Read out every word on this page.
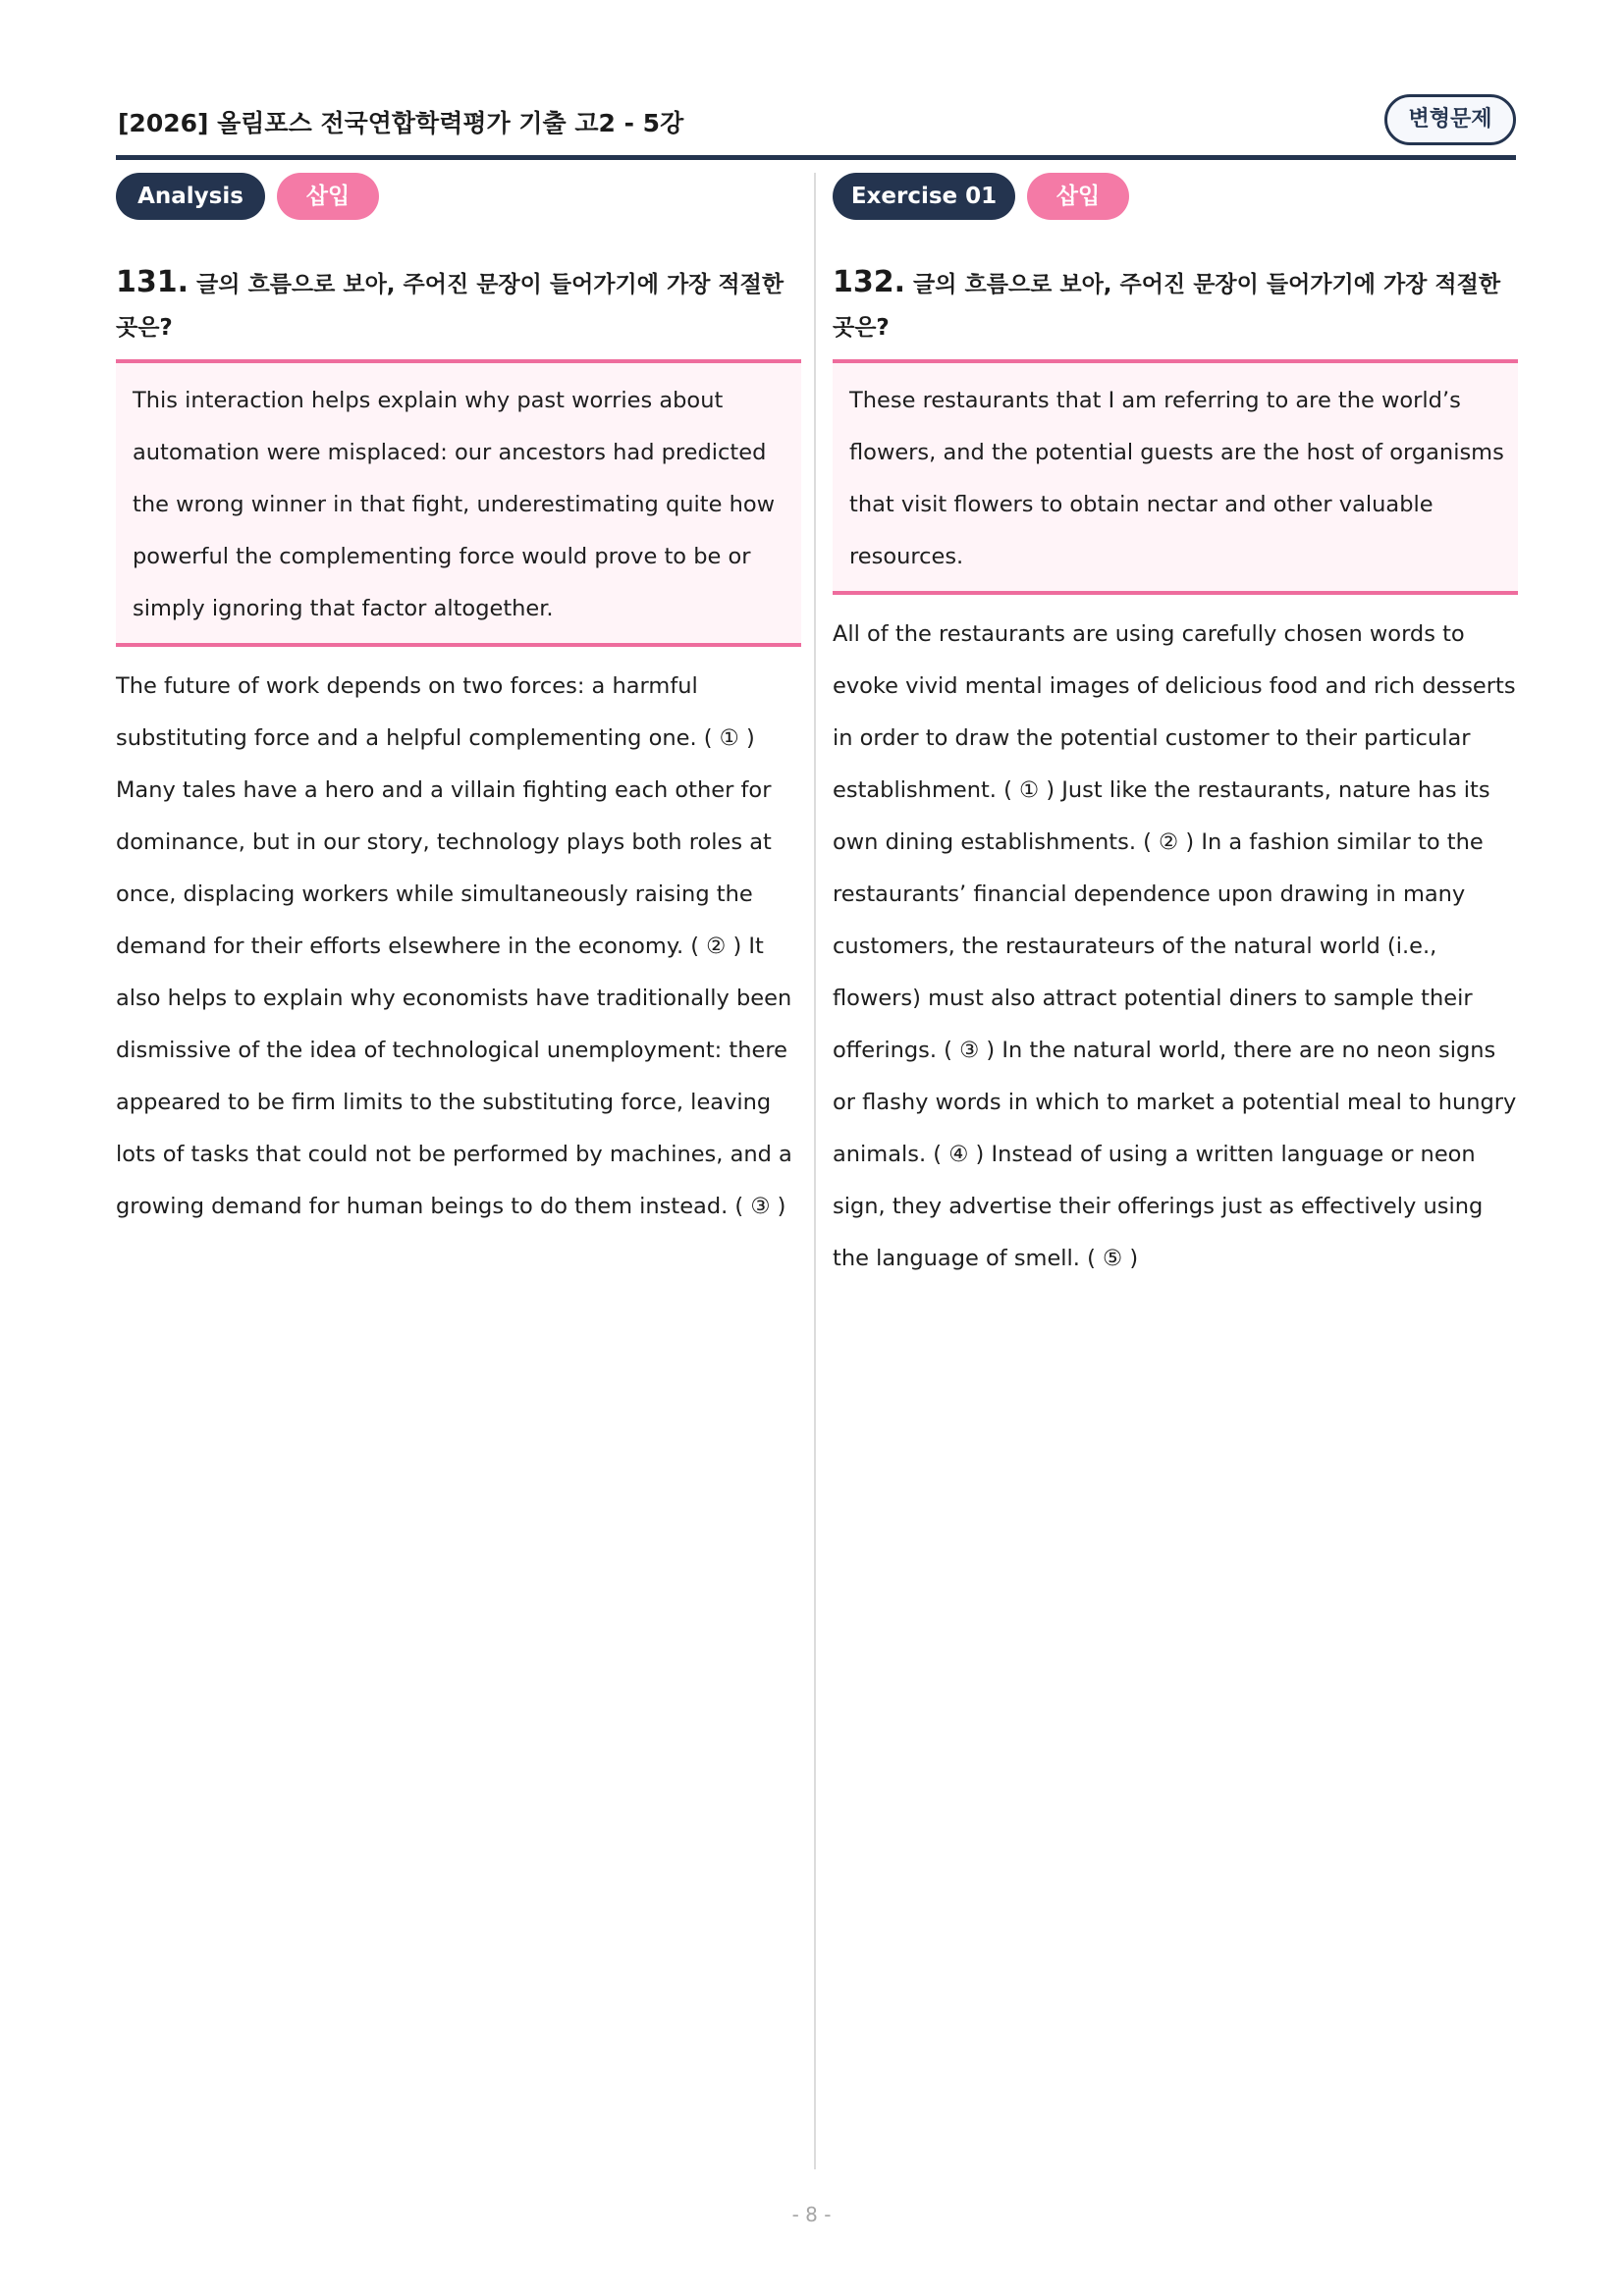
[2026] 올림포스 전국연합학력평가 기출 고2 - 5강	변형문제
Analysis	삽입
131. 글의 흐름으로 보아, 주어진 문장이 들어가기에 가장 적절한 곳은?
This interaction helps explain why past worries about automation were misplaced: our ancestors had predicted the wrong winner in that fight, underestimating quite how powerful the complementing force would prove to be or simply ignoring that factor altogether.
The future of work depends on two forces: a harmful substituting force and a helpful complementing one. ( ① ) Many tales have a hero and a villain fighting each other for dominance, but in our story, technology plays both roles at once, displacing workers while simultaneously raising the demand for their efforts elsewhere in the economy. ( ② ) It also helps to explain why economists have traditionally been dismissive of the idea of technological unemployment: there appeared to be firm limits to the substituting force, leaving lots of tasks that could not be performed by machines, and a growing demand for human beings to do them instead. ( ③ )
Exercise 01	삽입
132. 글의 흐름으로 보아, 주어진 문장이 들어가기에 가장 적절한 곳은?
These restaurants that I am referring to are the world’s flowers, and the potential guests are the host of organisms that visit flowers to obtain nectar and other valuable resources.
All of the restaurants are using carefully chosen words to evoke vivid mental images of delicious food and rich desserts in order to draw the potential customer to their particular establishment. ( ① ) Just like the restaurants, nature has its own dining establishments. ( ② ) In a fashion similar to the restaurants’ financial dependence upon drawing in many customers, the restaurateurs of the natural world (i.e., flowers) must also attract potential diners to sample their offerings. ( ③ ) In the natural world, there are no neon signs or flashy words in which to market a potential meal to hungry animals. ( ④ ) Instead of using a written language or neon sign, they advertise their offerings just as effectively using the language of smell. ( ⑤ )
- 8 -
